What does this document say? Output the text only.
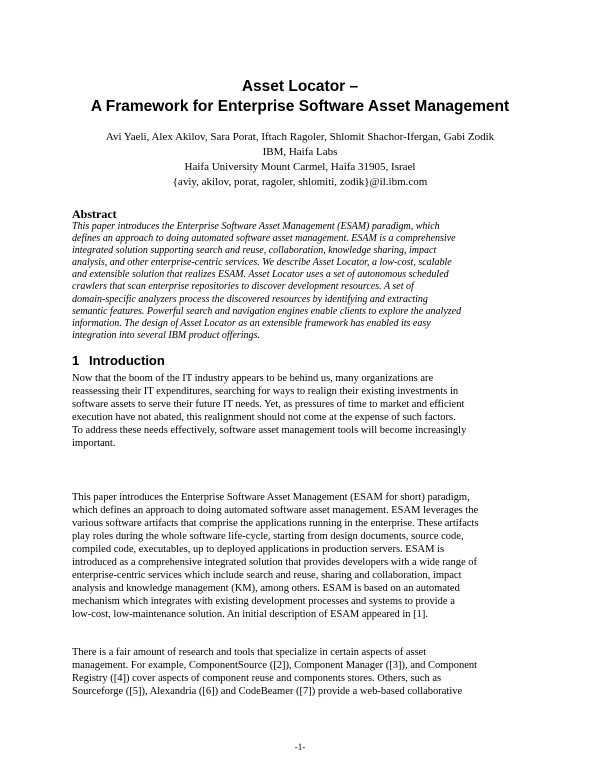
Asset Locator –
A Framework for Enterprise Software Asset Management
Avi Yaeli, Alex Akilov, Sara Porat, Iftach Ragoler, Shlomit Shachor-Ifergan, Gabi Zodik
IBM, Haifa Labs
Haifa University Mount Carmel, Haifa 31905, Israel
{aviy, akilov, porat, ragoler, shlomiti, zodik}@il.ibm.com
Abstract
This paper introduces the Enterprise Software Asset Management (ESAM) paradigm, which
defines an approach to doing automated software asset management. ESAM is a comprehensive
integrated solution supporting search and reuse, collaboration, knowledge sharing, impact
analysis, and other enterprise-centric services. We describe Asset Locator, a low-cost, scalable
and extensible solution that realizes ESAM. Asset Locator uses a set of autonomous scheduled
crawlers that scan enterprise repositories to discover development resources. A set of
domain-specific analyzers process the discovered resources by identifying and extracting
semantic features. Powerful search and navigation engines enable clients to explore the analyzed
information. The design of Asset Locator as an extensible framework has enabled its easy
integration into several IBM product offerings.
1 Introduction
Now that the boom of the IT industry appears to be behind us, many organizations are
reassessing their IT expenditures, searching for ways to realign their existing investments in
software assets to serve their future IT needs. Yet, as pressures of time to market and efficient
execution have not abated, this realignment should not come at the expense of such factors.
To address these needs effectively, software asset management tools will become increasingly
important.
This paper introduces the Enterprise Software Asset Management (ESAM for short) paradigm,
which defines an approach to doing automated software asset management. ESAM leverages the
various software artifacts that comprise the applications running in the enterprise. These artifacts
play roles during the whole software life-cycle, starting from design documents, source code,
compiled code, executables, up to deployed applications in production servers. ESAM is
introduced as a comprehensive integrated solution that provides developers with a wide range of
enterprise-centric services which include search and reuse, sharing and collaboration, impact
analysis and knowledge management (KM), among others. ESAM is based on an automated
mechanism which integrates with existing development processes and systems to provide a
low-cost, low-maintenance solution. An initial description of ESAM appeared in [1].
There is a fair amount of research and tools that specialize in certain aspects of asset
management. For example, ComponentSource ([2]), Component Manager ([3]), and Component
Registry ([4]) cover aspects of component reuse and components stores. Others, such as
Sourceforge ([5]), Alexandria ([6]) and CodeBeamer ([7]) provide a web-based collaborative
-1-
